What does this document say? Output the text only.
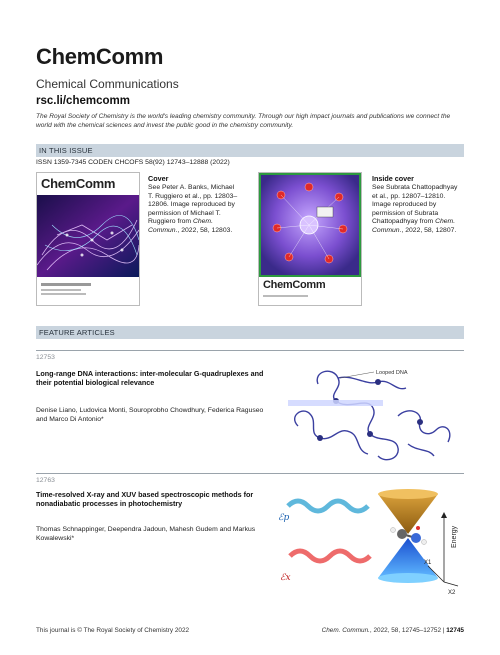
ChemComm
Chemical Communications
rsc.li/chemcomm
The Royal Society of Chemistry is the world's leading chemistry community. Through our high impact journals and publications we connect the world with the chemical sciences and invest the public good in the chemistry community.
IN THIS ISSUE
ISSN 1359-7345 CODEN CHCOFS 58(92) 12743–12888 (2022)
ChemComm	Cover
See Peter A. Banks, Michael T. Ruggiero et al., pp. 12803–12806. Image reproduced by permission of Michael T. Ruggiero from Chem. Commun., 2022, 58, 12803.
ChemComm
Inside cover
See Subrata Chattopadhyay et al., pp. 12807–12810. Image reproduced by permission of Subrata Chattopadhyay from Chem. Commun., 2022, 58, 12807.
FEATURE ARTICLES
12753
Long-range DNA interactions: inter-molecular G-quadruplexes and their potential biological relevance
Denise Liano, Ludovica Monti, Souroprobho Chowdhury, Federica Raguseo and Marco Di Antonio*
Looped DNA
12763
Time-resolved X-ray and XUV based spectroscopic methods for nonadiabatic processes in photochemistry
Thomas Schnappinger, Deependra Jadoun, Mahesh Gudem and Markus Kowalewski*
ℰp
ℰx
Energy
X1
X2
This journal is © The Royal Society of Chemistry 2022	Chem. Commun., 2022, 58, 12745–12752 | 12745
